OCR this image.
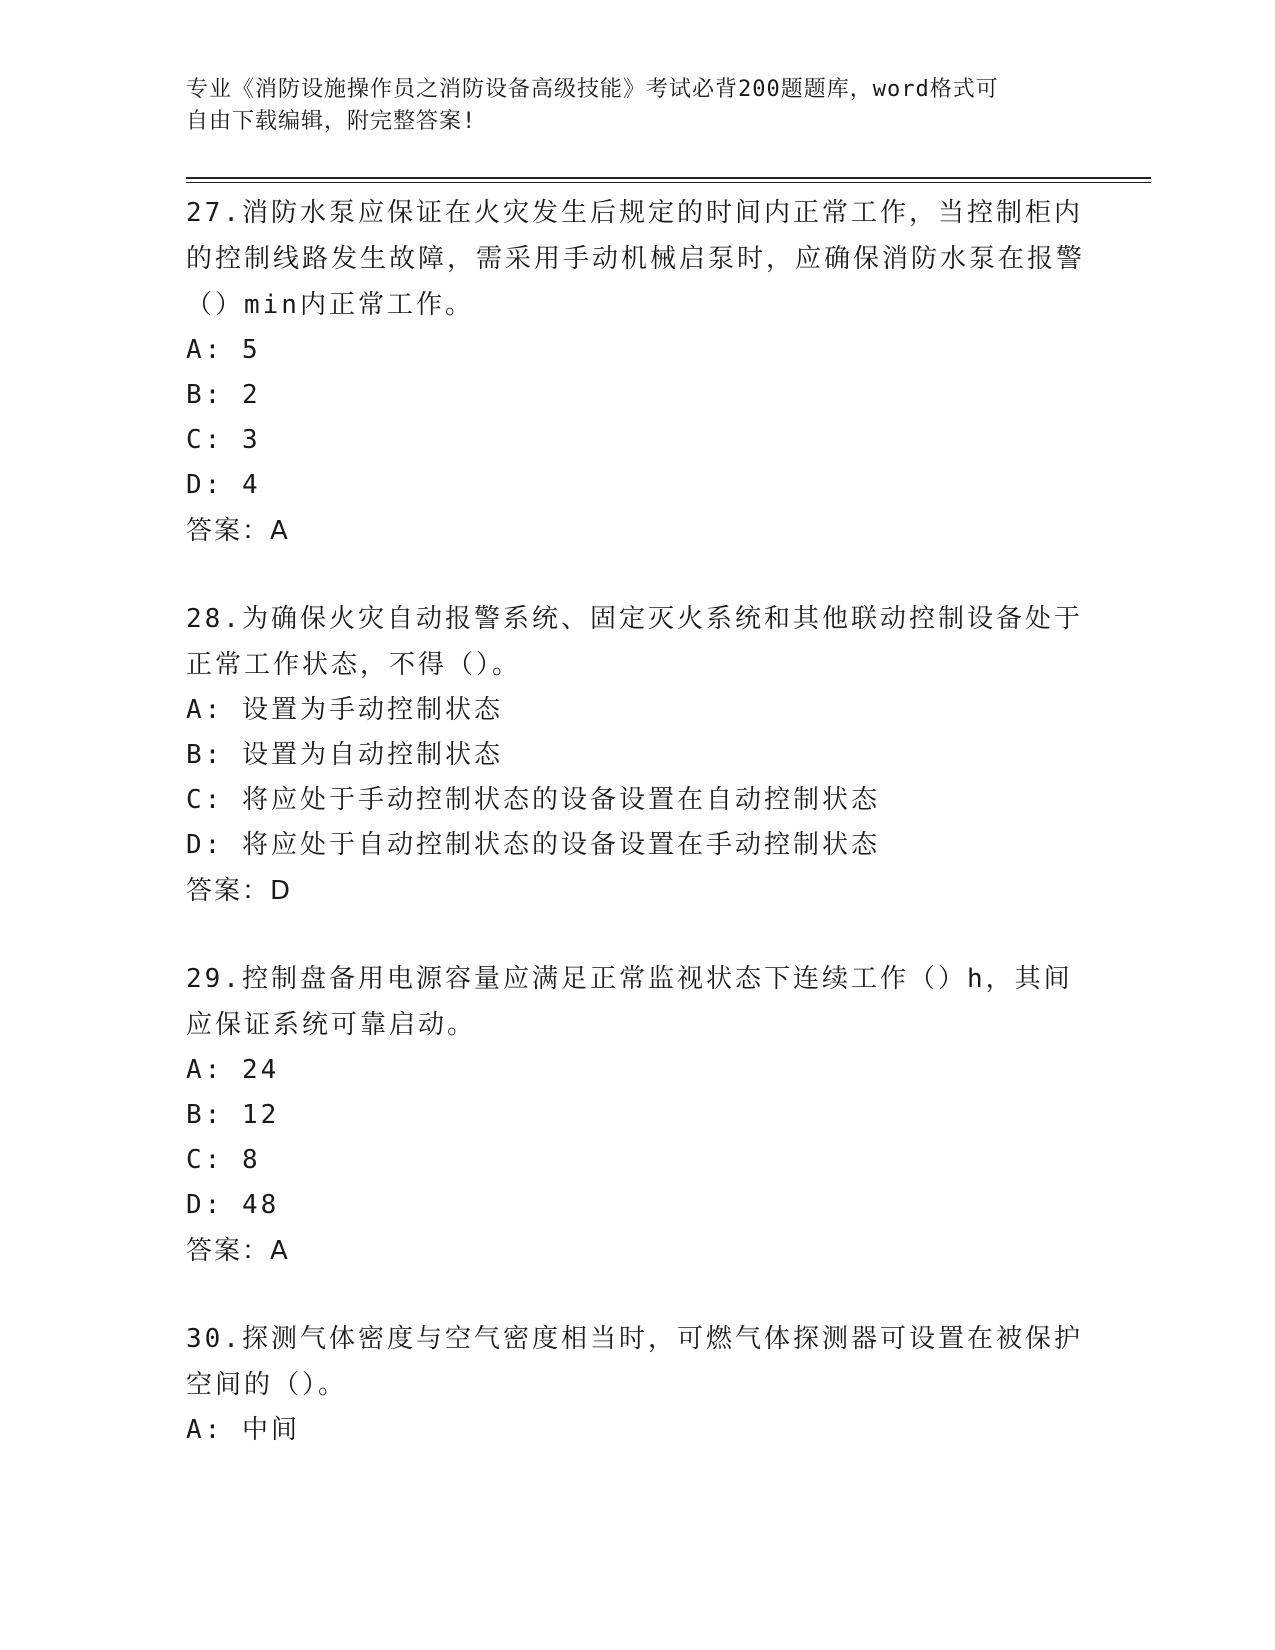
专业《消防设施操作员之消防设备高级技能》考试必背200题题库，word格式可
自由下载编辑，附完整答案!

27.消防水泵应保证在火灾发生后规定的时间内正常工作，当控制柜内的控制线路发生故障，需采用手动机械启泵时，应确保消防水泵在报警（）min内正常工作。

A: 5

B: 2

C: 3

D: 4

答案：A

28.为确保火灾自动报警系统、固定灭火系统和其他联动控制设备处于正常工作状态，不得（）。

A: 设置为手动控制状态

B: 设置为自动控制状态

C: 将应处于手动控制状态的设备设置在自动控制状态

D: 将应处于自动控制状态的设备设置在手动控制状态

答案：D

29.控制盘备用电源容量应满足正常监视状态下连续工作（）h，其间应保证系统可靠启动。

A: 24

B: 12

C: 8

D: 48

答案：A

30.探测气体密度与空气密度相当时，可燃气体探测器可设置在被保护空间的（）。

A: 中间
